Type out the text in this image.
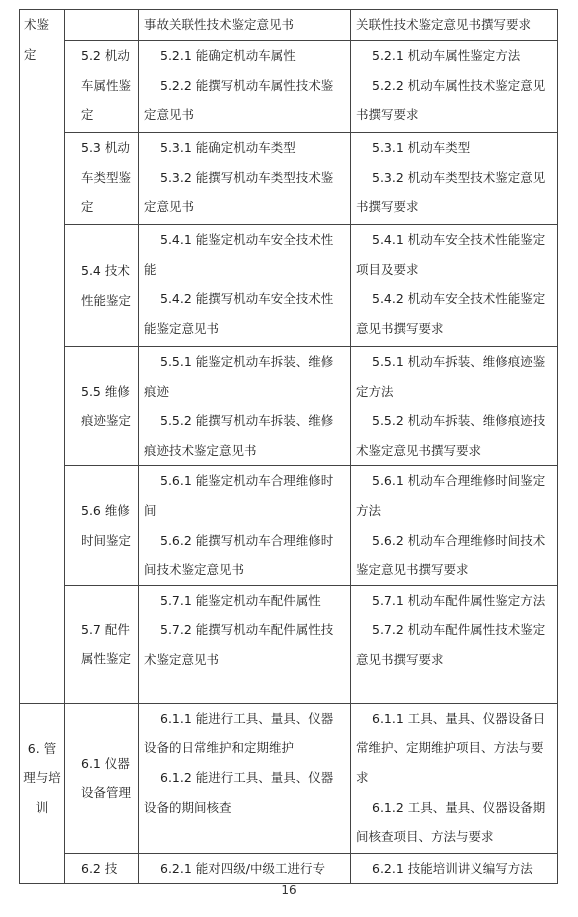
术鉴定		事故关联性技术鉴定意见书	关联性技术鉴定意见书撰写要求
	5.2 机动车属性鉴定	5.2.1 能确定机动车属性
5.2.2 能撰写机动车属性技术鉴定意见书	5.2.1 机动车属性鉴定方法
5.2.2 机动车属性技术鉴定意见书撰写要求

	5.3 机动车类型鉴定	5.3.1 能确定机动车类型
5.3.2 能撰写机动车类型技术鉴定意见书	5.3.1 机动车类型
5.3.2 机动车类型技术鉴定意见书撰写要求

	5.4 技术性能鉴定	5.4.1 能鉴定机动车安全技术性能
5.4.2 能撰写机动车安全技术性能鉴定意见书	5.4.1 机动车安全技术性能鉴定项目及要求
5.4.2 机动车安全技术性能鉴定意见书撰写要求

	5.5 维修痕迹鉴定	5.5.1 能鉴定机动车拆装、维修痕迹
5.5.2 能撰写机动车拆装、维修痕迹技术鉴定意见书	5.5.1 机动车拆装、维修痕迹鉴定方法
5.5.2 机动车拆装、维修痕迹技术鉴定意见书撰写要求

	5.6 维修时间鉴定	5.6.1 能鉴定机动车合理维修时间
5.6.2 能撰写机动车合理维修时间技术鉴定意见书	5.6.1 机动车合理维修时间鉴定方法
5.6.2 机动车合理维修时间技术鉴定意见书撰写要求

	5.7 配件属性鉴定	5.7.1 能鉴定机动车配件属性
5.7.2 能撰写机动车配件属性技术鉴定意见书	5.7.1 机动车配件属性鉴定方法
5.7.2 机动车配件属性技术鉴定意见书撰写要求

6. 管理与培训	6.1 仪器设备管理	6.1.1 能进行工具、量具、仪器设备的日常维护和定期维护
6.1.2 能进行工具、量具、仪器设备的期间核查	6.1.1 工具、量具、仪器设备日常维护、定期维护项目、方法与要求
6.1.2 工具、量具、仪器设备期间核查项目、方法与要求

	6.2 技	6.2.1 能对四级/中级工进行专	6.2.1 技能培训讲义编写方法
16
